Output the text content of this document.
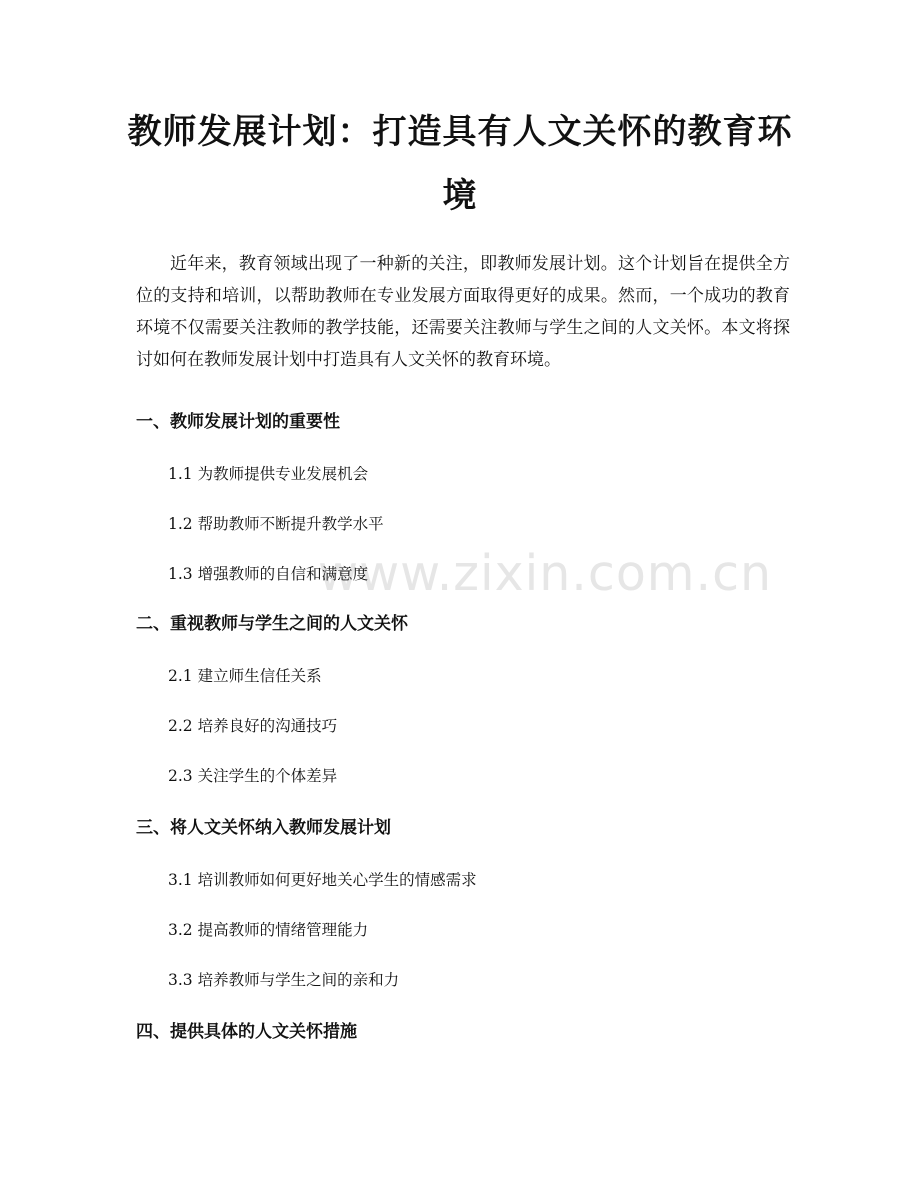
教师发展计划：打造具有人文关怀的教育环境

近年来，教育领域出现了一种新的关注，即教师发展计划。这个计划旨在提供全方位的支持和培训，以帮助教师在专业发展方面取得更好的成果。然而，一个成功的教育环境不仅需要关注教师的教学技能，还需要关注教师与学生之间的人文关怀。本文将探讨如何在教师发展计划中打造具有人文关怀的教育环境。

www.zixin.com.cn
一、教师发展计划的重要性

1.1 为教师提供专业发展机会

1.2 帮助教师不断提升教学水平

1.3 增强教师的自信和满意度

二、重视教师与学生之间的人文关怀

2.1 建立师生信任关系

2.2 培养良好的沟通技巧

2.3 关注学生的个体差异

三、将人文关怀纳入教师发展计划

3.1 培训教师如何更好地关心学生的情感需求

3.2 提高教师的情绪管理能力

3.3 培养教师与学生之间的亲和力

四、提供具体的人文关怀措施
